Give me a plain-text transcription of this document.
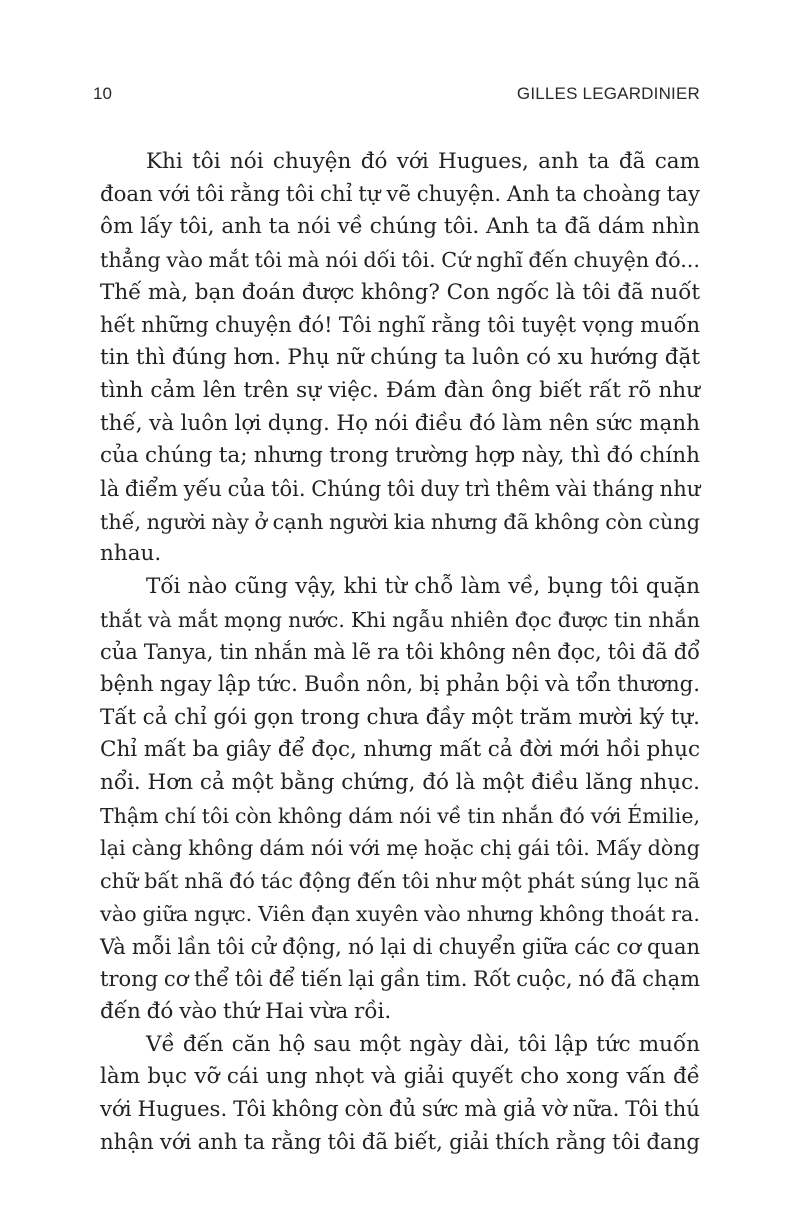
10	GILLES LEGARDINIER
Khi tôi nói chuyện đó với Hugues, anh ta đã cam
đoan với tôi rằng tôi chỉ tự vẽ chuyện. Anh ta choàng tay
ôm lấy tôi, anh ta nói về chúng tôi. Anh ta đã dám nhìn
thẳng vào mắt tôi mà nói dối tôi. Cứ nghĩ đến chuyện đó...
Thế mà, bạn đoán được không? Con ngốc là tôi đã nuốt
hết những chuyện đó! Tôi nghĩ rằng tôi tuyệt vọng muốn
tin thì đúng hơn. Phụ nữ chúng ta luôn có xu hướng đặt
tình cảm lên trên sự việc. Đám đàn ông biết rất rõ như
thế, và luôn lợi dụng. Họ nói điều đó làm nên sức mạnh
của chúng ta; nhưng trong trường hợp này, thì đó chính
là điểm yếu của tôi. Chúng tôi duy trì thêm vài tháng như
thế, người này ở cạnh người kia nhưng đã không còn cùng
nhau.
Tối nào cũng vậy, khi từ chỗ làm về, bụng tôi quặn
thắt và mắt mọng nước. Khi ngẫu nhiên đọc được tin nhắn
của Tanya, tin nhắn mà lẽ ra tôi không nên đọc, tôi đã đổ
bệnh ngay lập tức. Buồn nôn, bị phản bội và tổn thương.
Tất cả chỉ gói gọn trong chưa đầy một trăm mười ký tự.
Chỉ mất ba giây để đọc, nhưng mất cả đời mới hồi phục
nổi. Hơn cả một bằng chứng, đó là một điều lăng nhục.
Thậm chí tôi còn không dám nói về tin nhắn đó với Émilie,
lại càng không dám nói với mẹ hoặc chị gái tôi. Mấy dòng
chữ bất nhã đó tác động đến tôi như một phát súng lục nã
vào giữa ngực. Viên đạn xuyên vào nhưng không thoát ra.
Và mỗi lần tôi cử động, nó lại di chuyển giữa các cơ quan
trong cơ thể tôi để tiến lại gần tim. Rốt cuộc, nó đã chạm
đến đó vào thứ Hai vừa rồi.
Về đến căn hộ sau một ngày dài, tôi lập tức muốn
làm bục vỡ cái ung nhọt và giải quyết cho xong vấn đề
với Hugues. Tôi không còn đủ sức mà giả vờ nữa. Tôi thú
nhận với anh ta rằng tôi đã biết, giải thích rằng tôi đang
